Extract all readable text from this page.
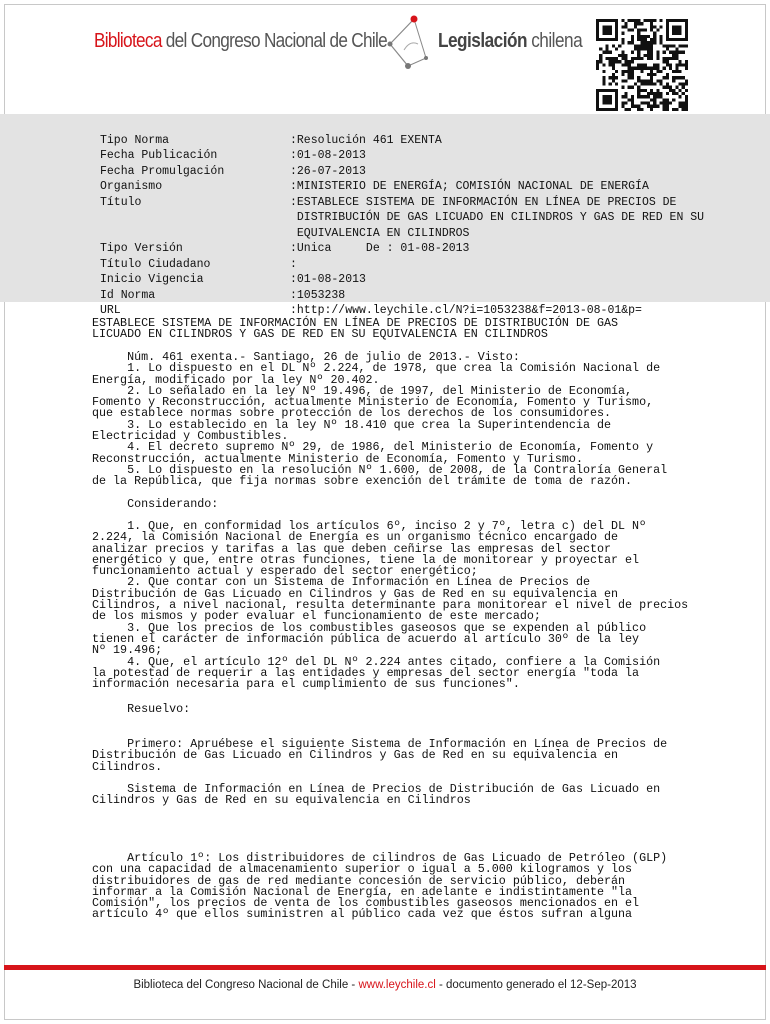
Biblioteca del Congreso Nacional de Chile	Legislación chilena

Tipo Norma	:Resolución 461 EXENTA

Fecha Publicación	:01-08-2013

Fecha Promulgación	:26-07-2013

Organismo	:MINISTERIO DE ENERGÍA; COMISIÓN NACIONAL DE ENERGÍA

Título	:ESTABLECE SISTEMA DE INFORMACIÓN EN LÍNEA DE PRECIOS DE
DISTRIBUCIÓN DE GAS LICUADO EN CILINDROS Y GAS DE RED EN SU
EQUIVALENCIA EN CILINDROS

Tipo Versión	:Unica     De : 01-08-2013

Título Ciudadano	:

Inicio Vigencia	:01-08-2013

Id Norma	:1053238

URL	:http://www.leychile.cl/N?i=1053238&f=2013-08-01&p=

ESTABLECE SISTEMA DE INFORMACIÓN EN LÍNEA DE PRECIOS DE DISTRIBUCIÓN DE GAS
LICUADO EN CILINDROS Y GAS DE RED EN SU EQUIVALENCIA EN CILINDROS
Núm. 461 exenta.- Santiago, 26 de julio de 2013.- Visto:
1. Lo dispuesto en el DL Nº 2.224, de 1978, que crea la Comisión Nacional de
Energía, modificado por la ley Nº 20.402.
2. Lo señalado en la ley Nº 19.496, de 1997, del Ministerio de Economía,
Fomento y Reconstrucción, actualmente Ministerio de Economía, Fomento y Turismo,
que establece normas sobre protección de los derechos de los consumidores.
3. Lo establecido en la ley Nº 18.410 que crea la Superintendencia de
Electricidad y Combustibles.
4. El decreto supremo Nº 29, de 1986, del Ministerio de Economía, Fomento y
Reconstrucción, actualmente Ministerio de Economía, Fomento y Turismo.
5. Lo dispuesto en la resolución Nº 1.600, de 2008, de la Contraloría General
de la República, que fija normas sobre exención del trámite de toma de razón.
Considerando:
1. Que, en conformidad los artículos 6º, inciso 2 y 7º, letra c) del DL Nº
2.224, la Comisión Nacional de Energía es un organismo técnico encargado de
analizar precios y tarifas a las que deben ceñirse las empresas del sector
energético y que, entre otras funciones, tiene la de monitorear y proyectar el
funcionamiento actual y esperado del sector energético;
2. Que contar con un Sistema de Información en Línea de Precios de
Distribución de Gas Licuado en Cilindros y Gas de Red en su equivalencia en
Cilindros, a nivel nacional, resulta determinante para monitorear el nivel de precios
de los mismos y poder evaluar el funcionamiento de este mercado;
3. Que los precios de los combustibles gaseosos que se expenden al público
tienen el carácter de información pública de acuerdo al artículo 30º de la ley
Nº 19.496;
4. Que, el artículo 12º del DL Nº 2.224 antes citado, confiere a la Comisión
la potestad de requerir a las entidades y empresas del sector energía "toda la
información necesaria para el cumplimiento de sus funciones".
Resuelvo:
Primero: Apruébese el siguiente Sistema de Información en Línea de Precios de
Distribución de Gas Licuado en Cilindros y Gas de Red en su equivalencia en
Cilindros.
Sistema de Información en Línea de Precios de Distribución de Gas Licuado en
Cilindros y Gas de Red en su equivalencia en Cilindros
Artículo 1º: Los distribuidores de cilindros de Gas Licuado de Petróleo (GLP)
con una capacidad de almacenamiento superior o igual a 5.000 kilogramos y los
distribuidores de gas de red mediante concesión de servicio público, deberán
informar a la Comisión Nacional de Energía, en adelante e indistintamente "la
Comisión", los precios de venta de los combustibles gaseosos mencionados en el
artículo 4º que ellos suministren al público cada vez que éstos sufran alguna
Biblioteca del Congreso Nacional de Chile - www.leychile.cl - documento generado el 12-Sep-2013
